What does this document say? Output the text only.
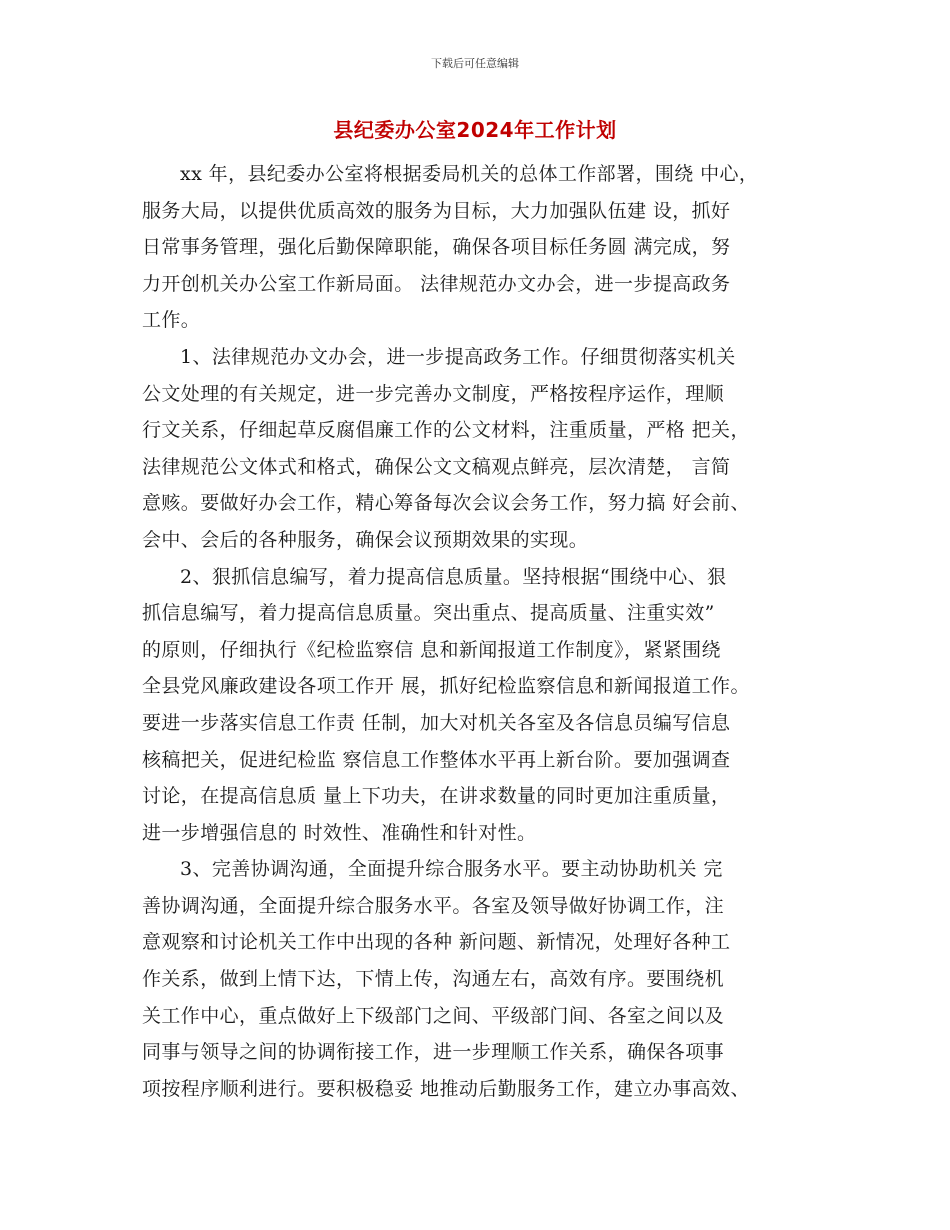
下载后可任意编辑
县纪委办公室2024年工作计划
xx 年，县纪委办公室将根据委局机关的总体工作部署，围绕 中心，
服务大局，以提供优质高效的服务为目标，大力加强队伍建 设，抓好
日常事务管理，强化后勤保障职能，确保各项目标任务圆 满完成，努
力开创机关办公室工作新局面。 法律规范办文办会，进一步提高政务
工作。
1、法律规范办文办会，进一步提高政务工作。仔细贯彻落实机关
公文处理的有关规定，进一步完善办文制度，严格按程序运作，理顺
行文关系，仔细起草反腐倡廉工作的公文材料，注重质量，严格 把关，
法律规范公文体式和格式，确保公文文稿观点鲜亮，层次清楚， 言简
意赅。要做好办会工作，精心筹备每次会议会务工作，努力搞 好会前、
会中、会后的各种服务，确保会议预期效果的实现。
2、狠抓信息编写，着力提高信息质量。坚持根据“围绕中心、狠
抓信息编写，着力提高信息质量。突出重点、提高质量、注重实效”
的原则，仔细执行《纪检监察信 息和新闻报道工作制度》，紧紧围绕
全县党风廉政建设各项工作开 展，抓好纪检监察信息和新闻报道工作。
要进一步落实信息工作责 任制，加大对机关各室及各信息员编写信息
核稿把关，促进纪检监 察信息工作整体水平再上新台阶。要加强调查
讨论，在提高信息质 量上下功夫，在讲求数量的同时更加注重质量，
进一步增强信息的 时效性、准确性和针对性。
3、完善协调沟通，全面提升综合服务水平。要主动协助机关 完
善协调沟通，全面提升综合服务水平。各室及领导做好协调工作，注
意观察和讨论机关工作中出现的各种 新问题、新情况，处理好各种工
作关系，做到上情下达，下情上传，沟通左右，高效有序。要围绕机
关工作中心，重点做好上下级部门之间、平级部门间、各室之间以及
同事与领导之间的协调衔接工作，进一步理顺工作关系，确保各项事
项按程序顺利进行。要积极稳妥 地推动后勤服务工作，建立办事高效、
